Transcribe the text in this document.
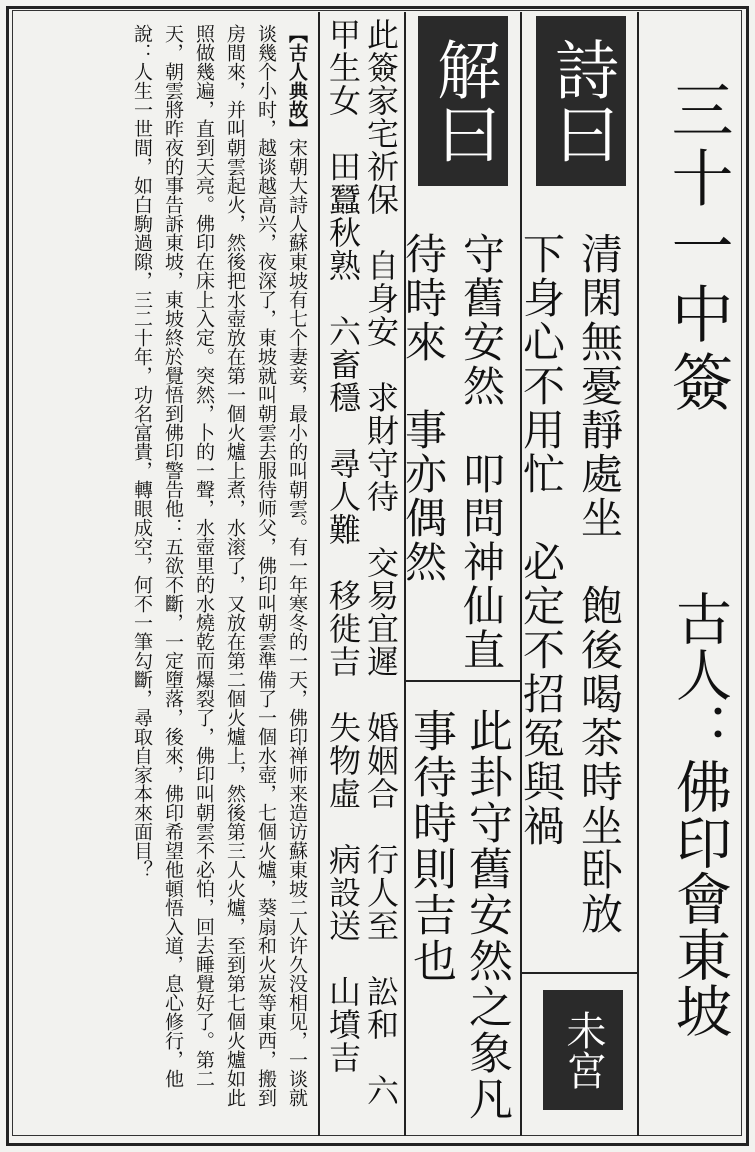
三十一中簽
古人：佛印會東坡
詩曰
清閑無憂靜處坐　飽後喝茶時坐卧放下身心不用忙　必定不招冤與禍
未宮
解曰
守舊安然　叩問神仙直待時來　事亦偶然
此卦守舊安然之象凡事待時則吉也
此簽家宅祈保　自身安　求財守待　交易宜遲　婚姻合　行人至　訟和　六甲生女　田蠶秋熟　六畜穩　尋人難　移徙吉　失物虛　病設送　山墳吉
【古人典故】宋朝大詩人蘇東坡有七个妻妾，最小的叫朝雲。有一年寒冬的一天，佛印禅师来造访蘇東坡二人许久没相见，一谈就谈幾个小时，越谈越高兴，夜深了，東坡就叫朝雲去服待师父，佛印叫朝雲準備了一個水壺，七個火爐，葵扇和火炭等東西，搬到房間來，并叫朝雲起火，然後把水壺放在第一個火爐上煮，水滚了，又放在第二個火爐上，然後第三人火爐，至到第七個火爐如此照做幾遍，直到天亮。佛印在床上入定。突然，卜的一聲，水壺里的水燒乾而爆裂了，佛印叫朝雲不必怕，回去睡覺好了。第二天，朝雲將昨夜的事告訴東坡，東坡終於覺悟到佛印警告他：五欲不斷，一定墮落，後來，佛印希望他頓悟入道，息心修行，他說：人生一世間，如白駒過隙，三二十年，功名富貴，轉眼成空，何不一筆勾斷，尋取自家本來面目？
